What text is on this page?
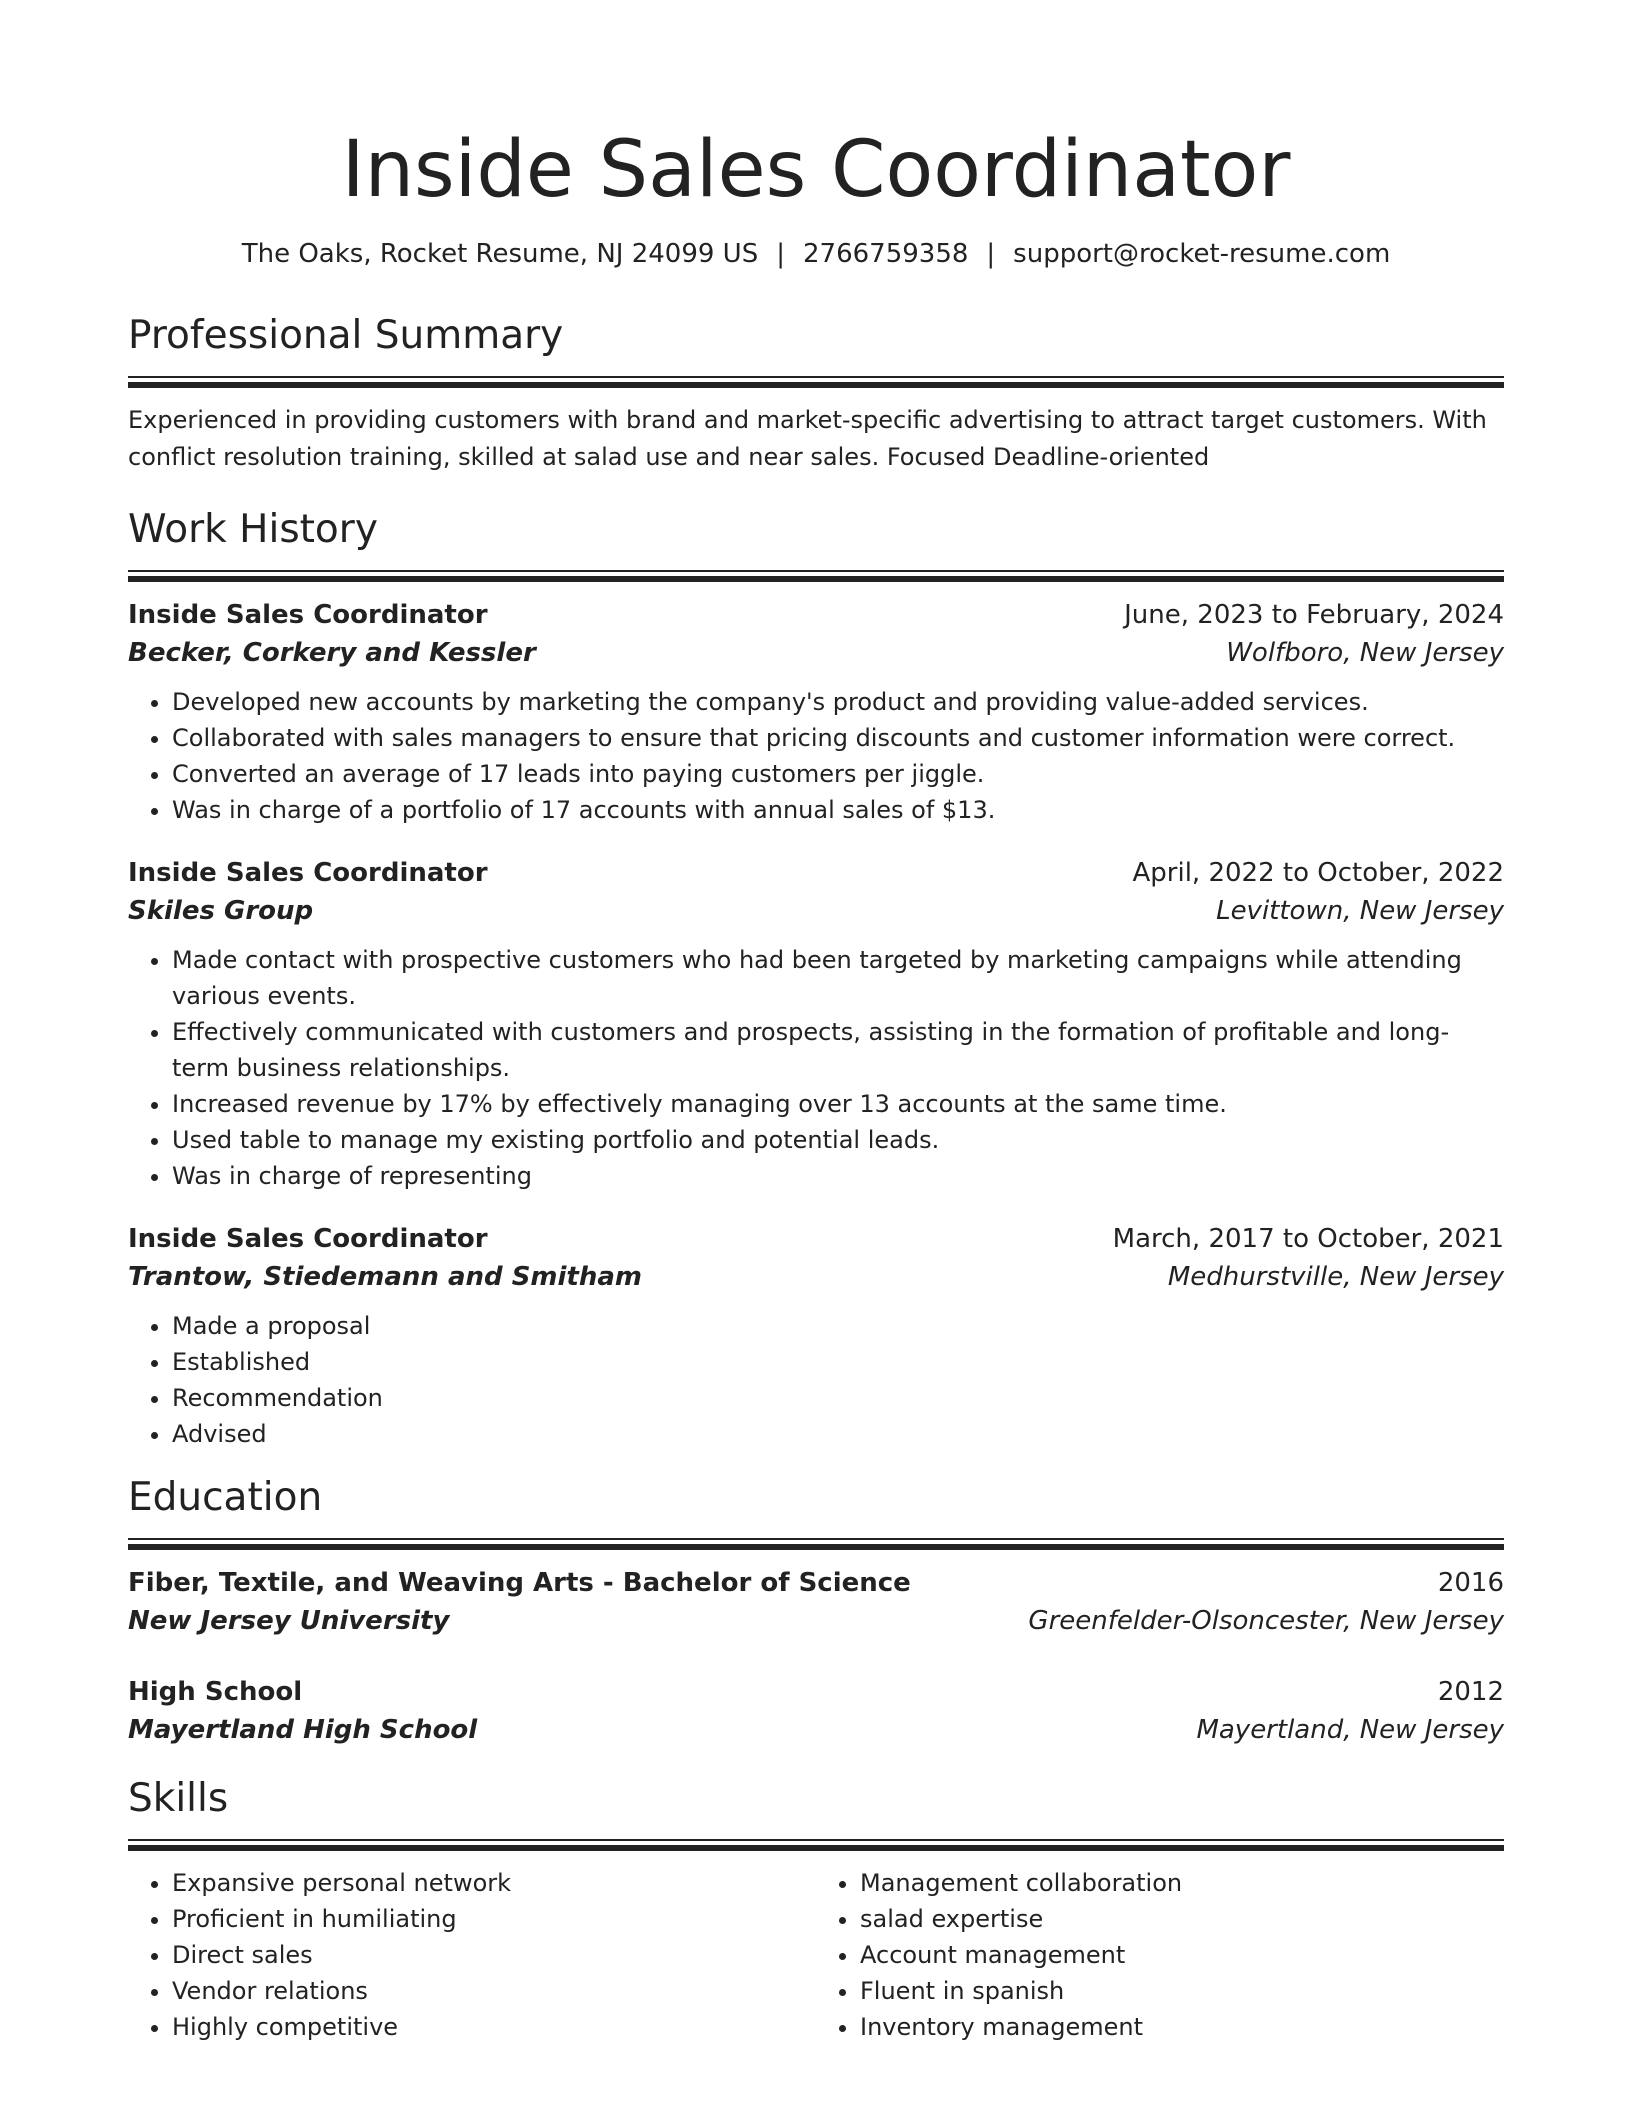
Inside Sales Coordinator
The Oaks, Rocket Resume, NJ 24099 US | 2766759358 | support@rocket-resume.com
Professional Summary
Experienced in providing customers with brand and market-specific advertising to attract target customers. With conflict resolution training, skilled at salad use and near sales. Focused Deadline-oriented
Work History
Inside Sales Coordinator	June, 2023 to February, 2024
Becker, Corkery and Kessler	Wolfboro, New Jersey
• Developed new accounts by marketing the company's product and providing value-added services.
• Collaborated with sales managers to ensure that pricing discounts and customer information were correct.
• Converted an average of 17 leads into paying customers per jiggle.
• Was in charge of a portfolio of 17 accounts with annual sales of $13.
Inside Sales Coordinator	April, 2022 to October, 2022
Skiles Group	Levittown, New Jersey
• Made contact with prospective customers who had been targeted by marketing campaigns while attending various events.
• Effectively communicated with customers and prospects, assisting in the formation of profitable and long-term business relationships.
• Increased revenue by 17% by effectively managing over 13 accounts at the same time.
• Used table to manage my existing portfolio and potential leads.
• Was in charge of representing
Inside Sales Coordinator	March, 2017 to October, 2021
Trantow, Stiedemann and Smitham	Medhurstville, New Jersey
• Made a proposal
• Established
• Recommendation
• Advised
Education
Fiber, Textile, and Weaving Arts - Bachelor of Science	2016
New Jersey University	Greenfelder-Olsoncester, New Jersey
High School	2012
Mayertland High School	Mayertland, New Jersey
Skills
• Expansive personal network
• Proficient in humiliating
• Direct sales
• Vendor relations
• Highly competitive
• Management collaboration
• salad expertise
• Account management
• Fluent in spanish
• Inventory management
